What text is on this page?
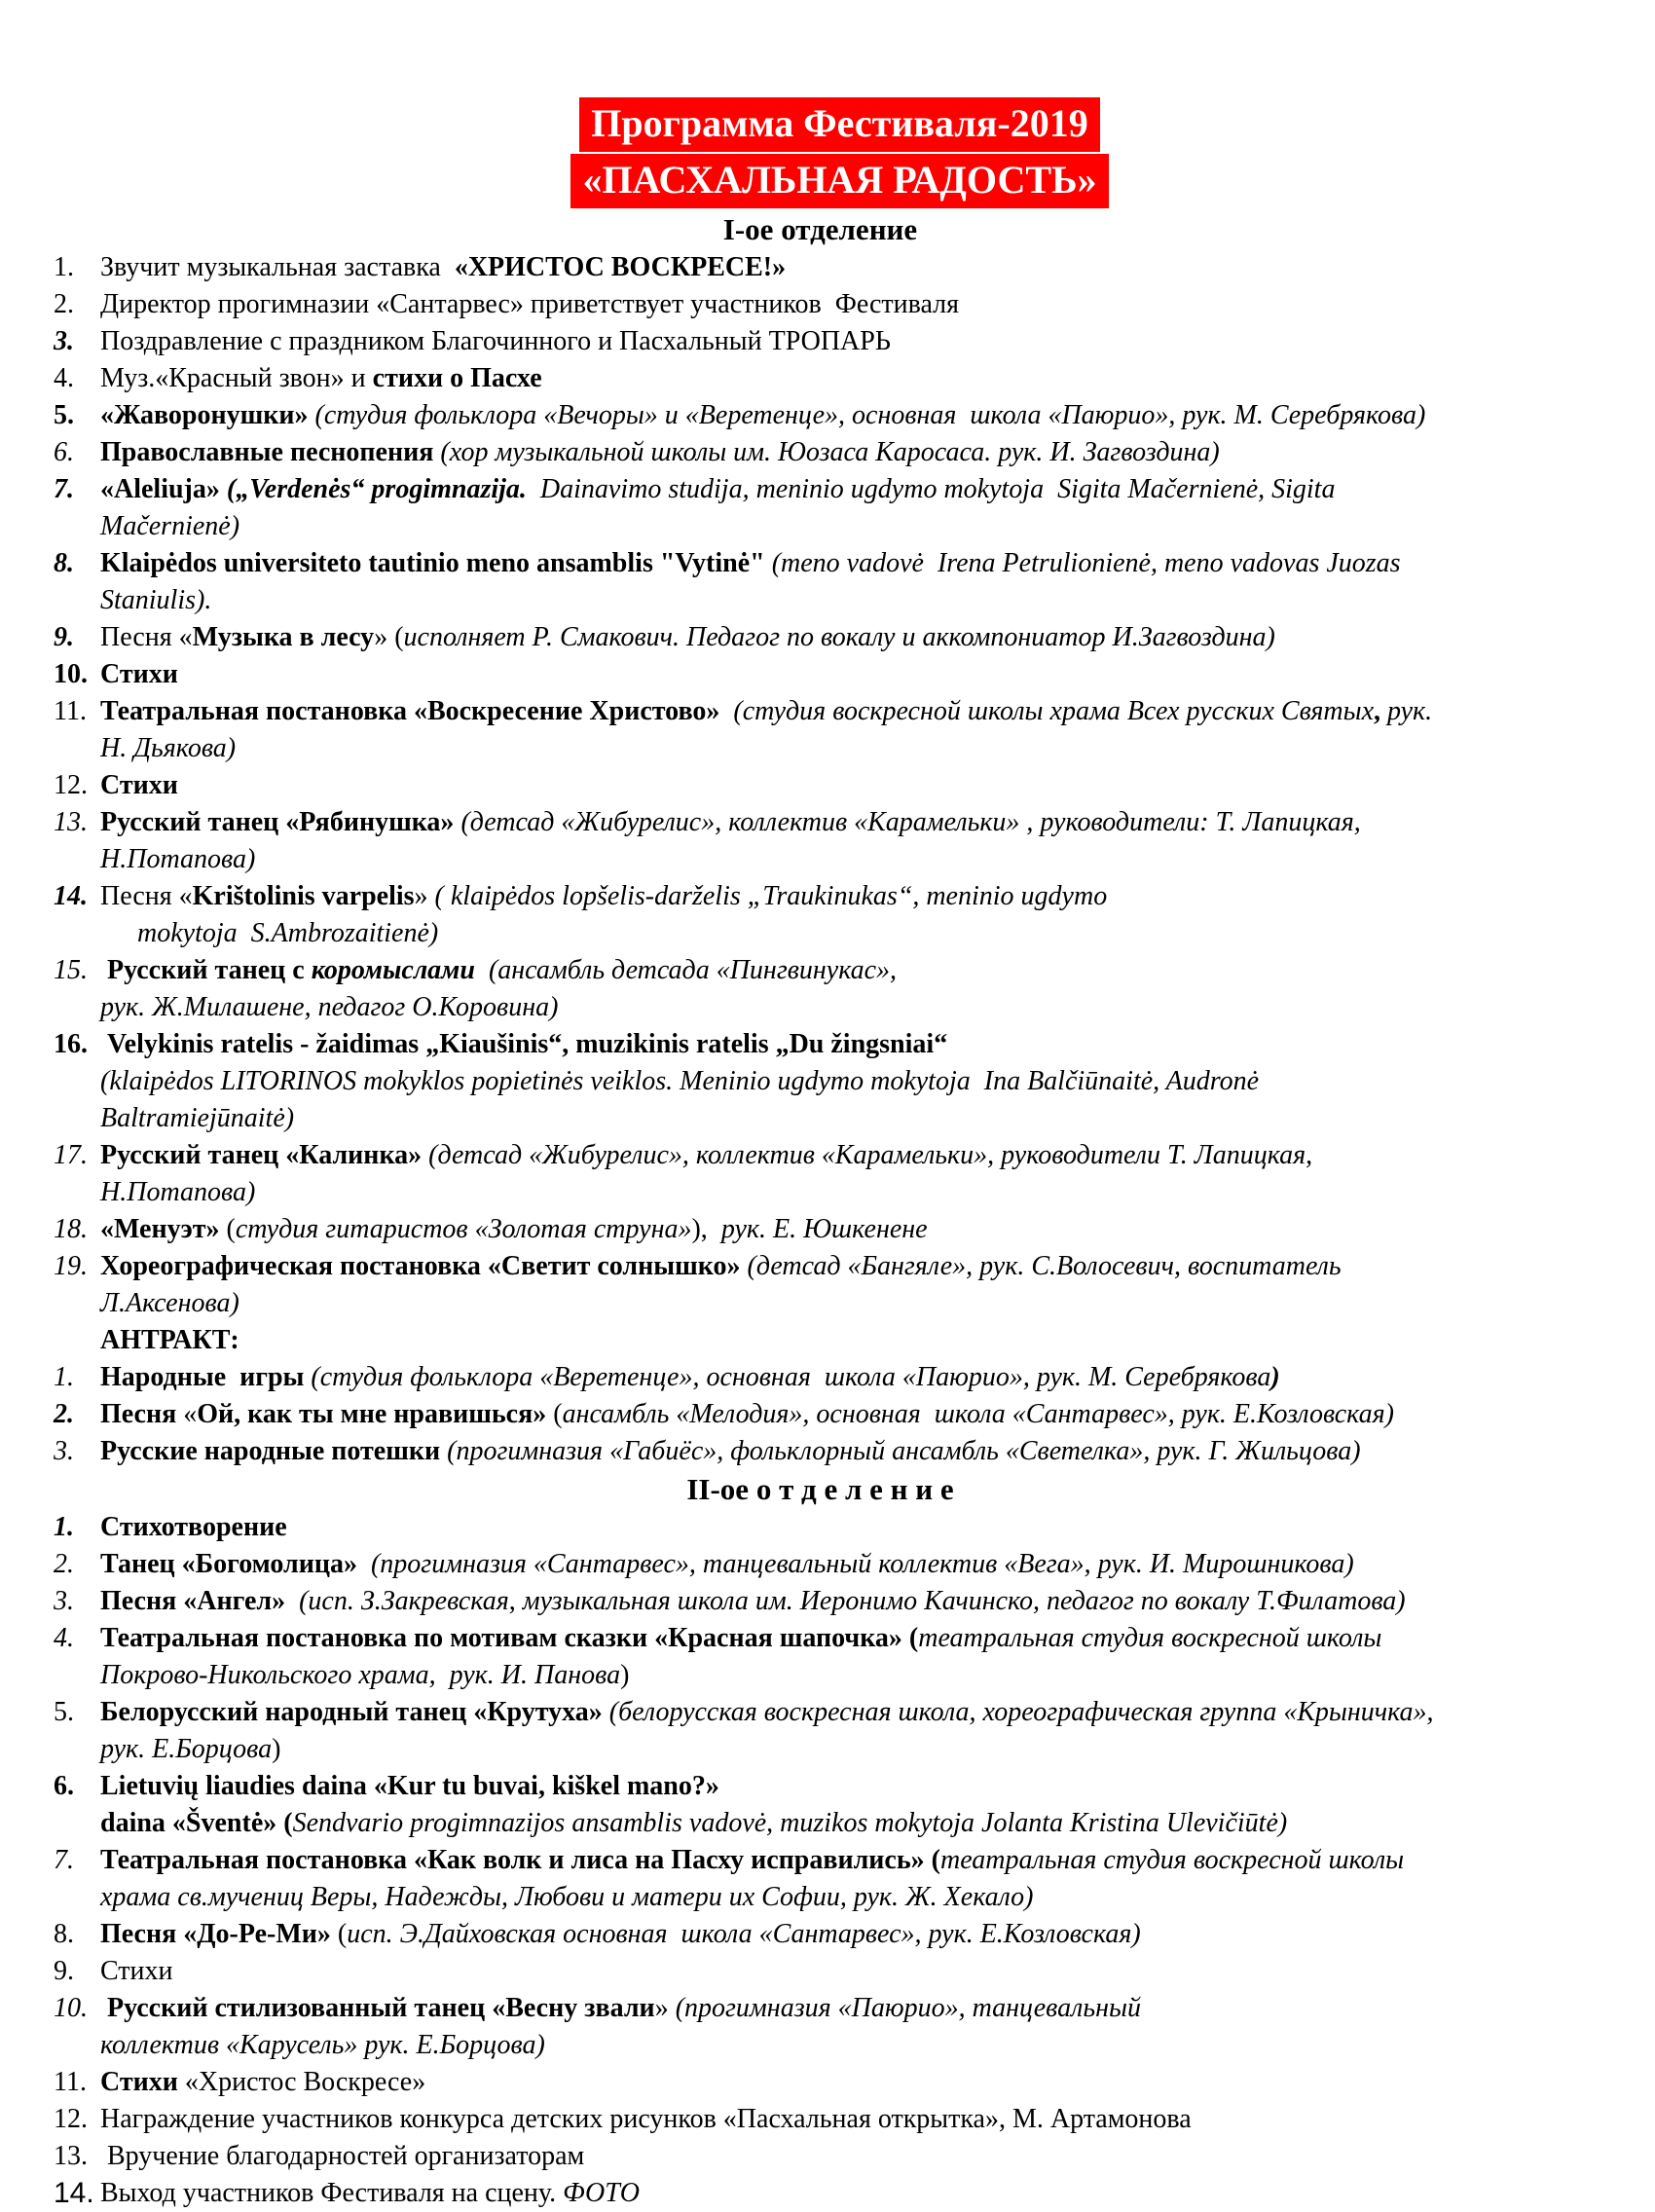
Программа Фестиваля-2019
«ПАСХАЛЬНАЯ РАДОСТЬ»
I-ое отделение
1. Звучит музыкальная заставка  «ХРИСТОС ВОСКРЕСЕ!»
2. Директор прогимназии «Сантарвес» приветствует участников  Фестиваля
3. Поздравление с праздником Благочинного и Пасхальный ТРОПАРЬ
4. Муз.«Красный звон» и стихи о Пасхе
5. «Жаворонушки» (студия фольклора «Вечоры» и «Веретенце», основная  школа «Паюрио», рук. М. Серебрякова)
6. Православные песнопения (хор музыкальной школы им. Юозаса Каросаса. рук. И. Загвоздина)
7. «Aleliuja» („Verdenės“ progimnazija.  Dainavimo studija, meninio ugdymo mokytoja  Sigita Mačernienė, Sigita
Mačernienė)
8. Klaipėdos universiteto tautinio meno ansamblis "Vytinė" (meno vadovė  Irena Petrulionienė, meno vadovas Juozas
Staniulis).
9. Песня «Музыка в лесу» (исполняет Р. Смакович. Педагог по вокалу и аккомпониатор И.Загвоздина)
10. Стихи
11. Театральная постановка «Воскресение Христово»  (студия воскресной школы храма Всех русских Святых, рук.
Н. Дьякова)
12. Стихи
13. Русский танец «Рябинушка» (детсад «Жибурелис», коллектив «Карамельки» , руководители: Т. Лапицкая,
Н.Потапова)
14. Песня «Krištolinis varpelis» ( klaipėdos lopšelis-darželis „Traukinukas“, meninio ugdymo
mokytoja  S.Ambrozaitienė)
15. Русский танец с коромыслами  (ансамбль детсада «Пингвинукас»,
рук. Ж.Милашене, педагог О.Коровина)
16. Velykinis ratelis - žaidimas „Kiaušinis“, muzikinis ratelis „Du žingsniai“
(klaipėdos LITORINOS mokyklos popietinės veiklos. Meninio ugdymo mokytoja  Ina Balčiūnaitė, Audronė
Baltramiejūnaitė)
17. Русский танец «Калинка» (детсад «Жибурелис», коллектив «Карамельки», руководители Т. Лапицкая,
Н.Потапова)
18. «Менуэт» (студия гитаристов «Золотая струна»),  рук. Е. Юшкенене
19. Хореографическая постановка «Светит солнышко» (детсад «Бангяле», рук. С.Волосевич, воспитатель
Л.Аксенова)
АНТРАКТ:
1. Народные  игры (студия фольклора «Веретенце», основная  школа «Паюрио», рук. М. Серебрякова)
2. Песня «Ой, как ты мне нравишься» (ансамбль «Мелодия», основная  школа «Сантарвес», рук. Е.Козловская)
3. Русские народные потешки (прогимназия «Габиёс», фольклорный ансамбль «Светелка», рук. Г. Жильцова)
II-ое о т д е л е н и е
1. Стихотворение
2. Танец «Богомолица»  (прогимназия «Сантарвес», танцевальный коллектив «Вега», рук. И. Мирошникова)
3. Песня «Ангел»  (исп. З.Закревская, музыкальная школа им. Иеронимо Качинско, педагог по вокалу Т.Филатова)
4. Театральная постановка по мотивам сказки «Красная шапочка» (театральная студия воскресной школы
Покрово-Никольского храма,  рук. И. Панова)
5. Белорусский народный танец «Крутуха» (белорусская воскресная школа, хореографическая группа «Крыничка»,
рук. Е.Борцова)
6. Lietuvių liaudies daina «Kur tu buvai, kiškel mano?»
daina «Šventė» (Sendvario progimnazijos ansamblis vadovė, muzikos mokytoja Jolanta Kristina Ulevičiūtė)
7. Театральная постановка «Как волк и лиса на Пасху исправились» (театральная студия воскресной школы
храма св.мучениц Веры, Надежды, Любови и матери их Софии, рук. Ж. Хекало)
8. Песня «До-Ре-Ми» (исп. Э.Дайховская основная  школа «Сантарвес», рук. Е.Козловская)
9. Стихи
10. Русский стилизованный танец «Весну звали» (прогимназия «Паюрио», танцевальный
коллектив «Карусель» рук. Е.Борцова)
11. Стихи «Христос Воскресе»
12. Награждение участников конкурса детских рисунков «Пасхальная открытка», М. Артамонова
13. Вручение благодарностей организаторам
14. Выход участников Фестиваля на сцену. ФОТО
